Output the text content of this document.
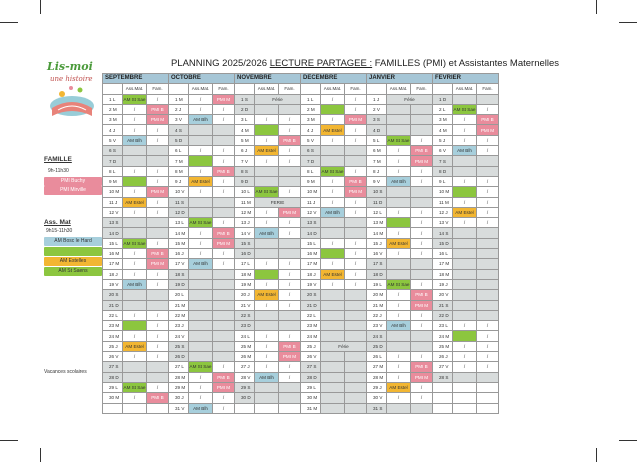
Lis-moi
une histoire
PLANNING 2025/2026 LECTURE PARTAGEE : FAMILLES (PMI) et Assistantes Maternelles
FAMILLE
9h-11h30
PMI Buchy
PMI Mirville
Ass. Mat
9h15-11h30
AM Bosc le Hard
AM Buchy
AM Estelles
AM St Saens
Vacances scolaires
SEPTEMBRE			OCTOBRE			NOVEMBRE			DECEMBRE			JANVIER			FEVRIER		
	Ass.Mat.	Fam.		Ass.Mat.	Fam.		Ass.Mat.	Fam.		Ass.Mat.	Fam.		Ass.Mat.	Fam.		Ass.Mat.	Fam.
1 L	AM St Sae	/	1 M	/	PMI M	1 S	Férie		1 L	/	/	1 J	Férie		1 D		
2 M	/	PMI B	2 J	/	/	2 D			2 M	AM Buchy	/	2 V			2 L	AM St Sae	/
3 M	/	PMI M	3 V	AM Blh	/	3 L	/	/	3 M	/	PMI M	3 S			3 M	/	PMI B
4 J	/	/	4 S			4 M	AM Buchy	/	4 J	AM Estel	/	4 D			4 M	/	PMI M
5 V	AM Blh	/	5 D			5 M	/	PMI B	5 V	/	/	5 L	AM St Sae	/	5 J	/	/
6 S			6 L	/	/	6 J	AM Estel	/	6 S			6 M	/	PMI B	6 V	AM Blh	/
7 D			7 M	AM Buchy	/	7 V	/	/	7 D			7 M	/	PMI M	7 S		
8 L	/	/	8 M	/	PMI B	8 S			8 L	AM St Sae	/	8 J	/	/	8 D		
9 M	AM Buchy	/	9 J	AM Estel	/	9 D			9 M	/	PMI B	9 V	AM Blh	/	9 L	/	/
10 M	/	PMI M	10 V	/	/	10 L	AM St Sae	/	10 M	/	PMI M	10 S			10 M	AM Buchy	/
11 J	AM Estel	/	11 S			11 M	FERIE		11 J	/	/	11 D			11 M	/	/
12 V	/	/	12 D			12 M	/	PMI M	12 V	AM Blh	/	12 L	/	/	12 J	AM Estel	/
13 S			13 L	AM St Sae	/	13 J	/	/	13 S			13 M	AM Buchy	/	13 V	/	/
14 D			14 M	/	PMI B	14 V	AM Blh	/	14 D			14 M	/	/	14 S		
15 L	AM St Sae	/	15 M	/	PMI M	15 S			15 L	/	/	15 J	AM Estel	/	15 D		
16 M	/	PMI B	16 J	/	/	16 D			16 M	AM Buchy	/	16 V	/	/	16 L		
17 M	/	PMI M	17 V	AM Blh	/	17 L	/	/	17 M	/	/	17 S			17 M		
18 J	/	/	18 S			18 M	AM Buchy	/	18 J	AM Estel	/	18 D			18 M		
19 V	AM Blh	/	19 D			19 M	/	/	19 V	/	/	19 L	AM St Sae	/	19 J		
20 S			20 L			20 J	AM Estel	/	20 S			20 M	/	PMI B	20 V		
21 D			21 M			21 V	/	/	21 D			21 M	/	PMI M	21 S		
22 L	/	/	22 M			22 S			22 L			22 J	/	/	22 D		
23 M	AM Buchy	/	23 J			23 D			23 M			23 V	AM Blh	/	23 L	/	/
24 M	/	/	24 V			24 L	/	/	24 M			24 S			24 M	AM Buchy	/
25 J	AM Estel	/	25 S			25 M	/	PMI B	25 J	Férie		25 D			25 M	/	/
26 V	/	/	26 D			26 M	/	PMI M	26 V			26 L	/	/	26 J	/	/
27 S			27 L	AM St Sae	/	27 J	/	/	27 S			27 M	/	PMI B	27 V	/	/
28 D			28 M	/	PMI B	28 V	AM Blh	/	28 D			28 M	/	PMI M	28 S		
29 L	AM St Sae	/	29 M	/	PMI M	29 S			29 L			29 J	AM Estel	/			
30 M	/	PMI B	30 J	/	/	30 D			30 M			30 V	/	/			
			31 V	AM Blh	/				31 M			31 S					
